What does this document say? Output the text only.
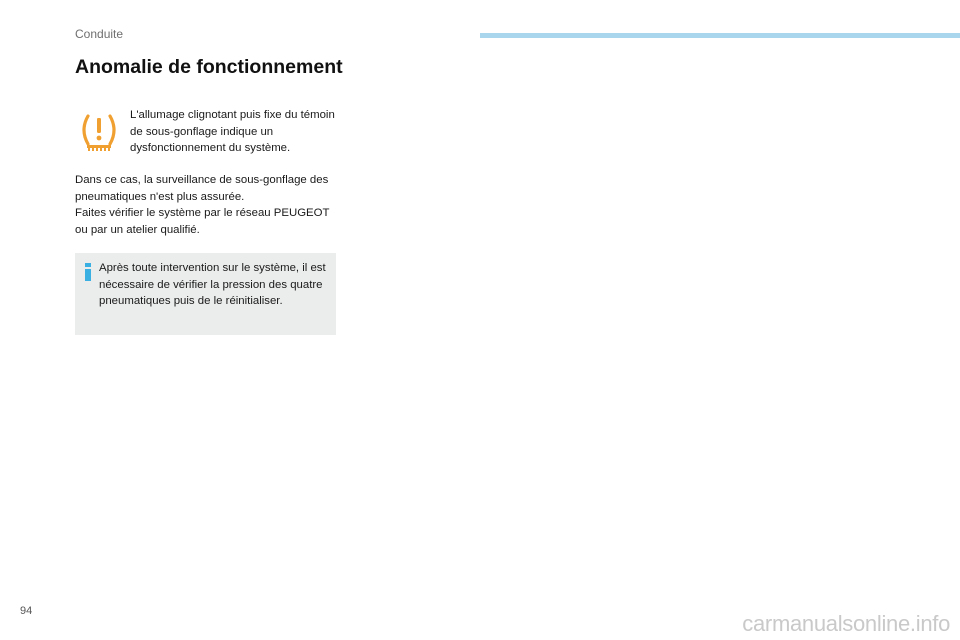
Conduite
Anomalie de fonctionnement

L'allumage clignotant puis fixe du témoin de sous-gonflage indique un dysfonctionnement du système.

Dans ce cas, la surveillance de sous-gonflage des pneumatiques n'est plus assurée.

Faites vérifier le système par le réseau PEUGEOT ou par un atelier qualifié.

Après toute intervention sur le système, il est nécessaire de vérifier la pression des quatre pneumatiques puis de le réinitialiser.

94	carmanualsonline.info
